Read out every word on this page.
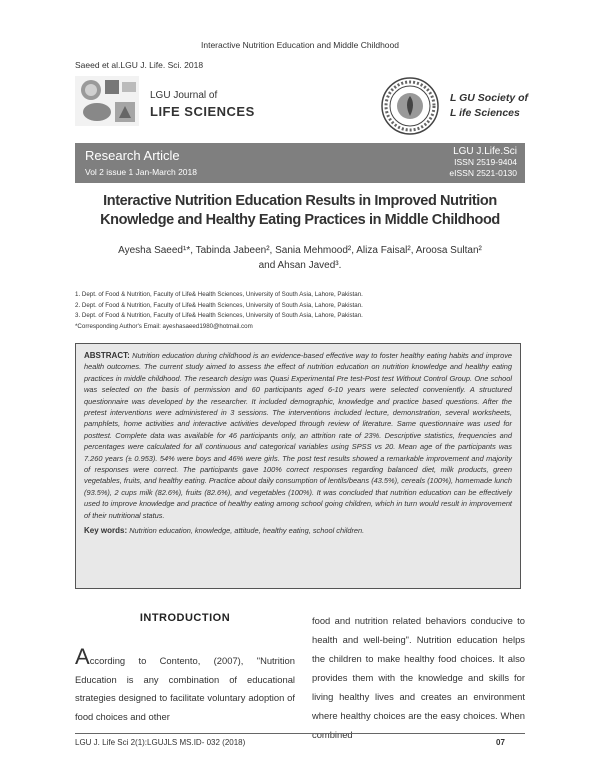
Interactive Nutrition Education and Middle Childhood
Saeed et al.LGU J. Life. Sci. 2018
LGU Journal of
LIFE SCIENCES
L GU Society of
L ife Sciences
Research Article
Vol 2 issue 1 Jan-March 2018
LGU J.Life.Sci
ISSN 2519-9404
eISSN 2521-0130
Interactive Nutrition Education Results in Improved Nutrition Knowledge and Healthy Eating Practices in Middle Childhood
Ayesha Saeed¹*, Tabinda Jabeen², Sania Mehmood², Aliza Faisal², Aroosa Sultan²
and Ahsan Javed³.
1. Dept. of Food & Nutrition, Faculty of Life& Health Sciences, University of South Asia, Lahore, Pakistan.
2. Dept. of Food & Nutrition, Faculty of Life& Health Sciences, University of South Asia, Lahore, Pakistan.
3. Dept. of Food & Nutrition, Faculty of Life& Health Sciences, University of South Asia, Lahore, Pakistan.
*Corresponding Author's Email: ayeshasaeed1980@hotmail.com
ABSTRACT: Nutrition education during childhood is an evidence-based effective way to foster healthy eating habits and improve health outcomes. The current study aimed to assess the effect of nutrition education on nutrition knowledge and healthy eating practices in middle childhood. The research design was Quasi Experimental Pre test-Post test Without Control Group. One school was selected on the basis of permission and 60 participants aged 6-10 years were selected conveniently. A structured questionnaire was developed by the researcher. It included demographic, knowledge and practice based questions. After the pretest interventions were administered in 3 sessions. The interventions included lecture, demonstration, several worksheets, pamphlets, home activities and interactive activities developed through review of literature. Same questionnaire was used for posttest. Complete data was available for 46 participants only, an attrition rate of 23%. Descriptive statistics, frequencies and percentages were calculated for all continuous and categorical variables using SPSS vs 20. Mean age of the participants was 7.260 years (± 0.953). 54% were boys and 46% were girls. The post test results showed a remarkable improvement and majority of responses were correct. The participants gave 100% correct responses regarding balanced diet, milk products, green vegetables, fruits, and healthy eating. Practice about daily consumption of lentils/beans (43.5%), cereals (100%), homemade lunch (93.5%), 2 cups milk (82.6%), fruits (82.6%), and vegetables (100%). It was concluded that nutrition education can be effectively used to improve knowledge and practice of healthy eating among school going children, which in turn would result in improvement of their nutritional status.
Key words: Nutrition education, knowledge, attitude, healthy eating, school children.
INTRODUCTION
According to Contento, (2007), "Nutrition Education is any combination of educational strategies designed to facilitate voluntary adoption of food choices and other
food and nutrition related behaviors conducive to health and well-being". Nutrition education helps the children to make healthy food choices. It also provides them with the knowledge and skills for living healthy lives and creates an environment where healthy choices are the easy choices. When combined
LGU J. Life Sci 2(1):LGUJLS MS.ID- 032 (2018)	07
